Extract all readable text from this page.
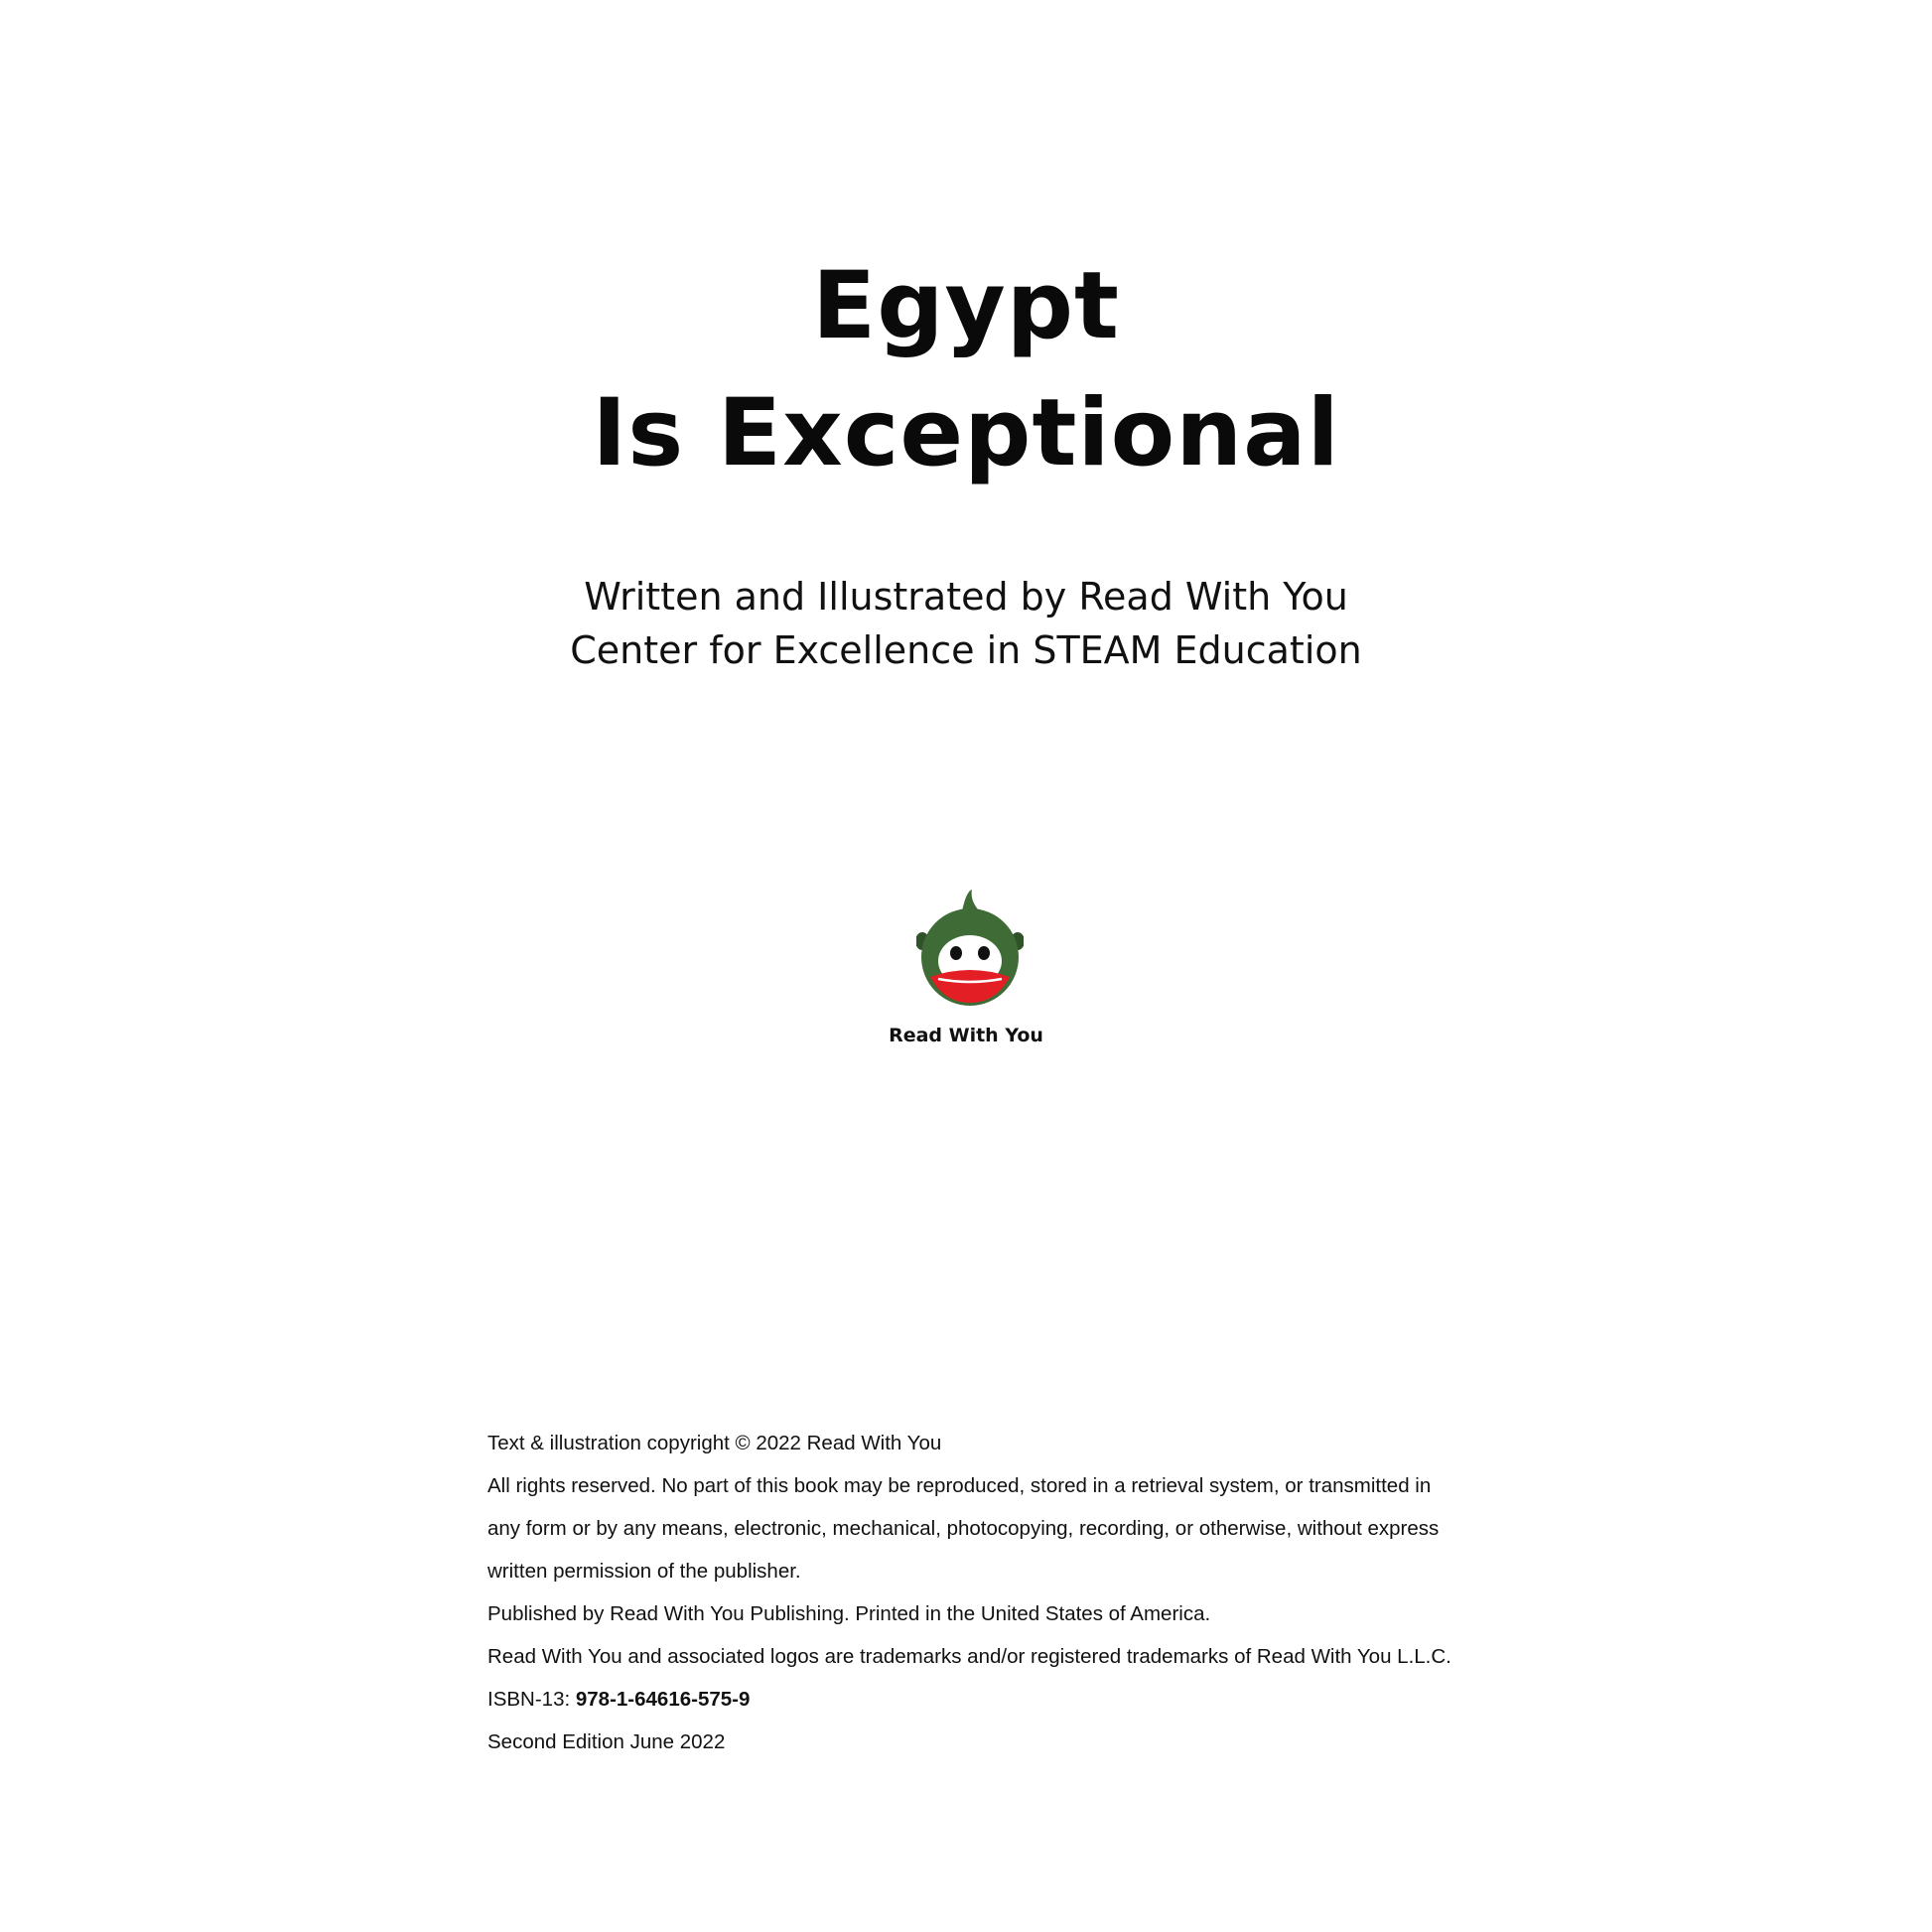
Egypt
Is Exceptional
Written and Illustrated by Read With You
Center for Excellence in STEAM Education
Read With You

Text & illustration copyright © 2022 Read With You

All rights reserved. No part of this book may be reproduced, stored in a retrieval system, or transmitted in

any form or by any means, electronic, mechanical, photocopying, recording, or otherwise, without express

written permission of the publisher.

Published by Read With You Publishing. Printed in the United States of America.

Read With You and associated logos are trademarks and/or registered trademarks of Read With You L.L.C.

ISBN-13: 978-1-64616-575-9

Second Edition June 2022
